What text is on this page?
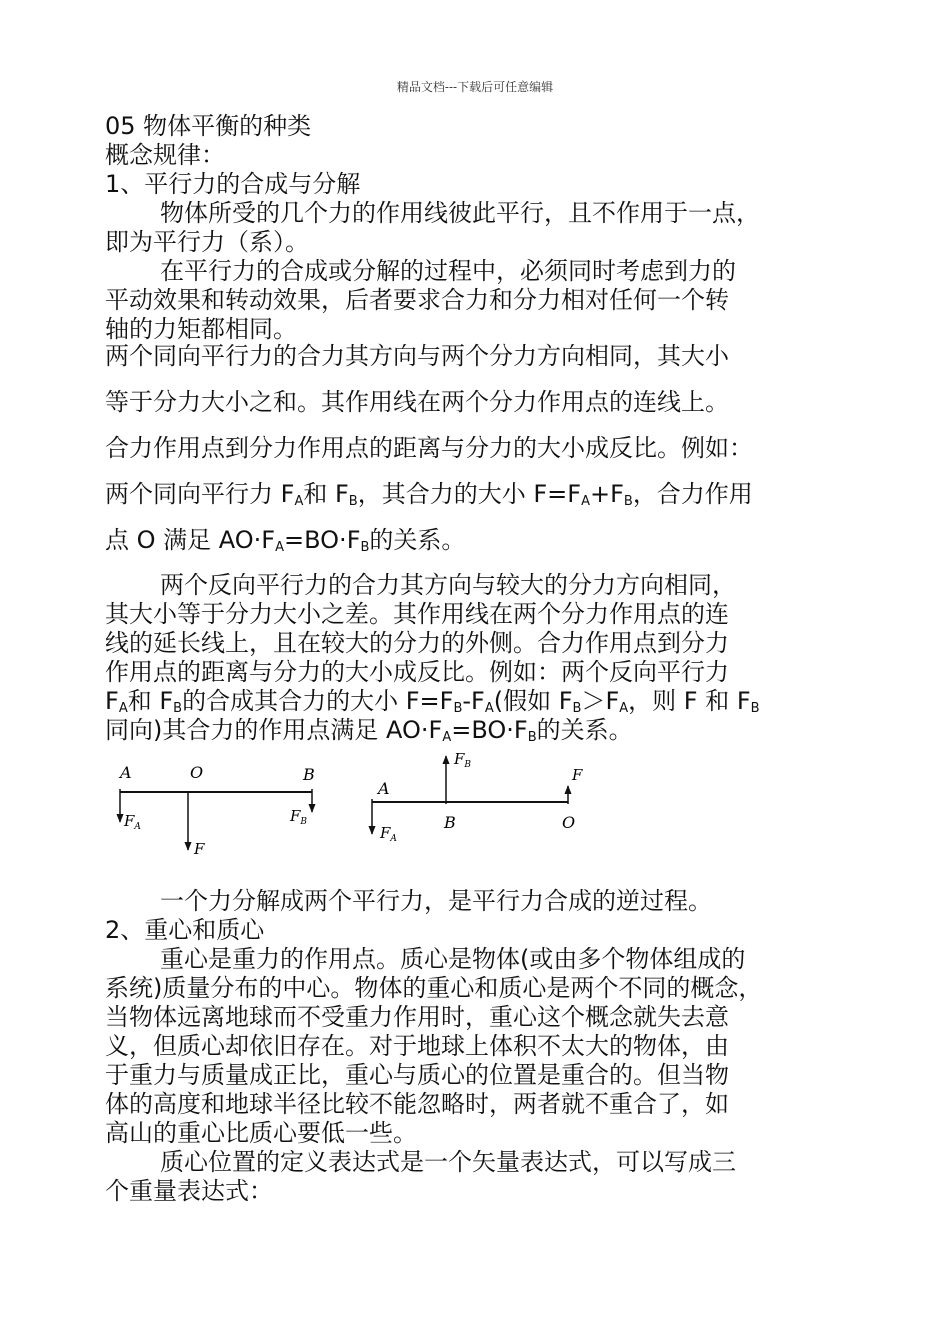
精品文档---下载后可任意编辑
05 物体平衡的种类
概念规律：
1、平行力的合成与分解
物体所受的几个力的作用线彼此平行，且不作用于一点，
即为平行力（系）。
在平行力的合成或分解的过程中，必须同时考虑到力的
平动效果和转动效果，后者要求合力和分力相对任何一个转
轴的力矩都相同。
两个同向平行力的合力其方向与两个分力方向相同，其大小
等于分力大小之和。其作用线在两个分力作用点的连线上。
合力作用点到分力作用点的距离与分力的大小成反比。例如：
两个同向平行力 $F_A$和 $F_B$，其合力的大小 $F=F_A+F_B$，合力作用
点 O 满足 $AO\cdot F_A=BO\cdot F_B$的关系。
两个反向平行力的合力其方向与较大的分力方向相同，
其大小等于分力大小之差。其作用线在两个分力作用点的连
线的延长线上，且在较大的分力的外侧。合力作用点到分力
作用点的距离与分力的大小成反比。例如：两个反向平行力
$F_A$和 $F_B$的合成其合力的大小 $F=F_B-F_A$(假如 $F_B>F_A$，则 F 和 $F_B$
同向)其合力的作用点满足 $AO\cdot F_A=BO\cdot F_B$的关系。
A	O	B
$F_A$
$F_B$
F
A
B	O
$F_A$
$F_B$
F
一个力分解成两个平行力，是平行力合成的逆过程。
2、重心和质心
重心是重力的作用点。质心是物体(或由多个物体组成的
系统)质量分布的中心。物体的重心和质心是两个不同的概念，
当物体远离地球而不受重力作用时，重心这个概念就失去意
义，但质心却依旧存在。对于地球上体积不太大的物体，由
于重力与质量成正比，重心与质心的位置是重合的。但当物
体的高度和地球半径比较不能忽略时，两者就不重合了，如
高山的重心比质心要低一些。
质心位置的定义表达式是一个矢量表达式，可以写成三
个重量表达式：
